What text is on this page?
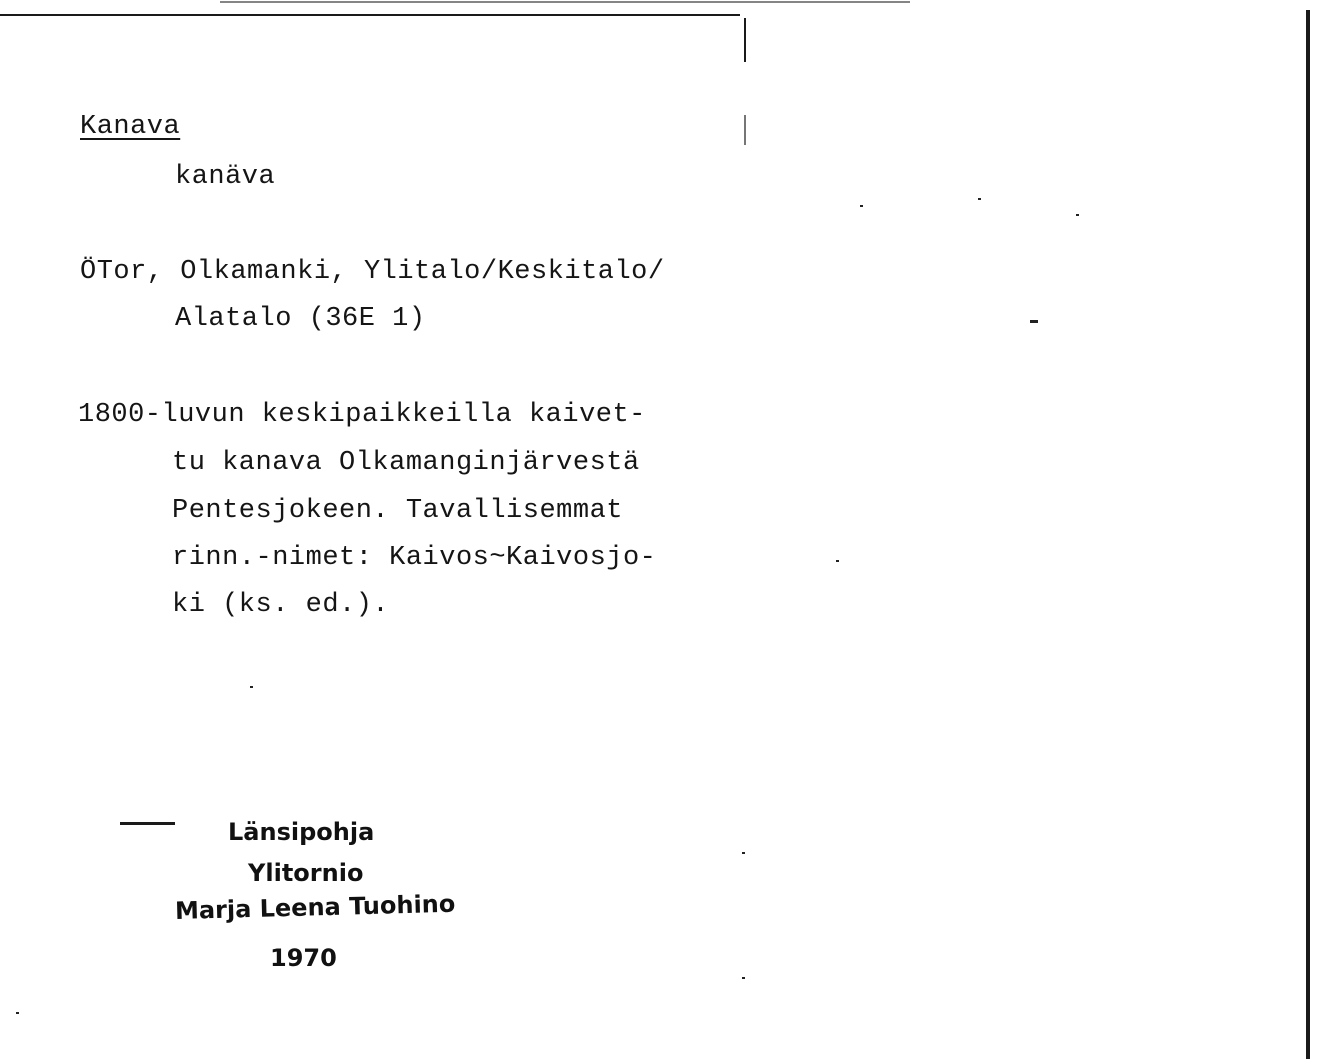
Kanava
kanäva
ÖTor, Olkamanki, Ylitalo/Keskitalo/
Alatalo (36E 1)
1800-luvun keskipaikkeilla kaivet-
tu kanava Olkamanginjärvestä
Pentesjokeen. Tavallisemmat
rinn.-nimet: Kaivos~Kaivosjo-
ki (ks. ed.).
Länsipohja
Ylitornio
Marja Leena Tuohino
1970
